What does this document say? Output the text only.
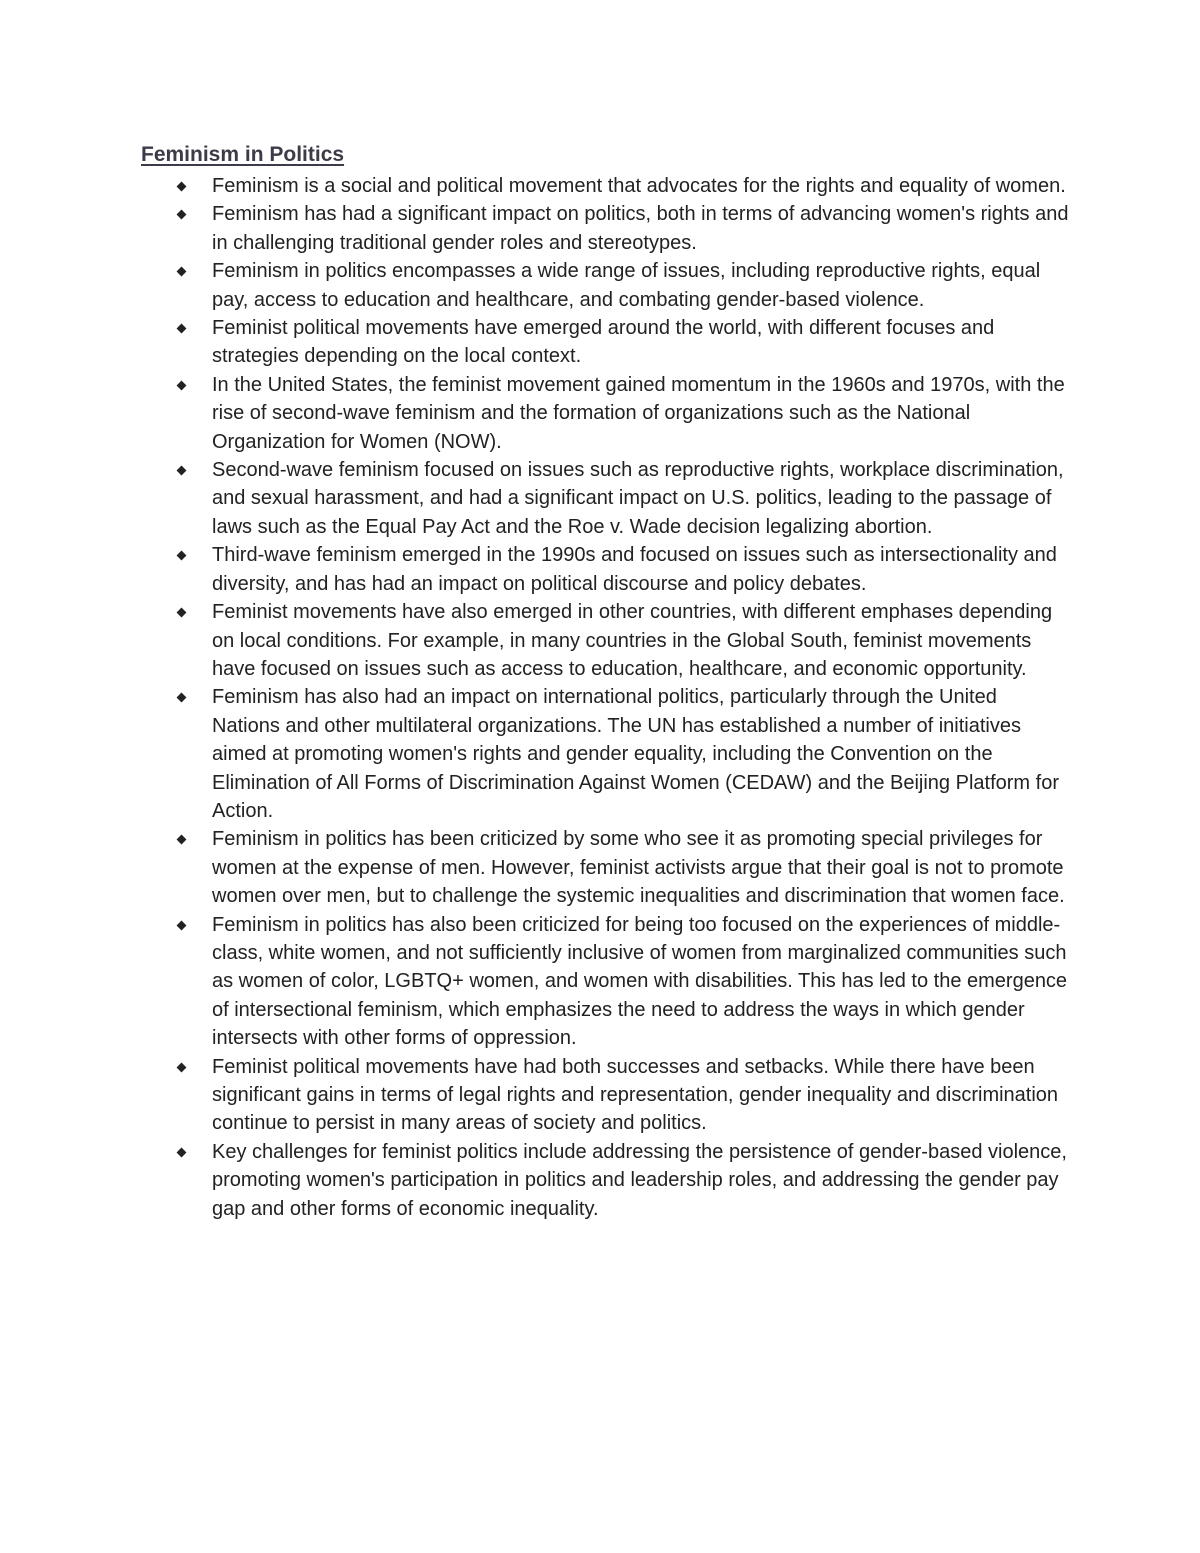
Feminism in Politics
Feminism is a social and political movement that advocates for the rights and equality of women.
Feminism has had a significant impact on politics, both in terms of advancing women's rights and in challenging traditional gender roles and stereotypes.
Feminism in politics encompasses a wide range of issues, including reproductive rights, equal pay, access to education and healthcare, and combating gender-based violence.
Feminist political movements have emerged around the world, with different focuses and strategies depending on the local context.
In the United States, the feminist movement gained momentum in the 1960s and 1970s, with the rise of second-wave feminism and the formation of organizations such as the National Organization for Women (NOW).
Second-wave feminism focused on issues such as reproductive rights, workplace discrimination, and sexual harassment, and had a significant impact on U.S. politics, leading to the passage of laws such as the Equal Pay Act and the Roe v. Wade decision legalizing abortion.
Third-wave feminism emerged in the 1990s and focused on issues such as intersectionality and diversity, and has had an impact on political discourse and policy debates.
Feminist movements have also emerged in other countries, with different emphases depending on local conditions. For example, in many countries in the Global South, feminist movements have focused on issues such as access to education, healthcare, and economic opportunity.
Feminism has also had an impact on international politics, particularly through the United Nations and other multilateral organizations. The UN has established a number of initiatives aimed at promoting women's rights and gender equality, including the Convention on the Elimination of All Forms of Discrimination Against Women (CEDAW) and the Beijing Platform for Action.
Feminism in politics has been criticized by some who see it as promoting special privileges for women at the expense of men. However, feminist activists argue that their goal is not to promote women over men, but to challenge the systemic inequalities and discrimination that women face.
Feminism in politics has also been criticized for being too focused on the experiences of middle-class, white women, and not sufficiently inclusive of women from marginalized communities such as women of color, LGBTQ+ women, and women with disabilities. This has led to the emergence of intersectional feminism, which emphasizes the need to address the ways in which gender intersects with other forms of oppression.
Feminist political movements have had both successes and setbacks. While there have been significant gains in terms of legal rights and representation, gender inequality and discrimination continue to persist in many areas of society and politics.
Key challenges for feminist politics include addressing the persistence of gender-based violence, promoting women's participation in politics and leadership roles, and addressing the gender pay gap and other forms of economic inequality.
